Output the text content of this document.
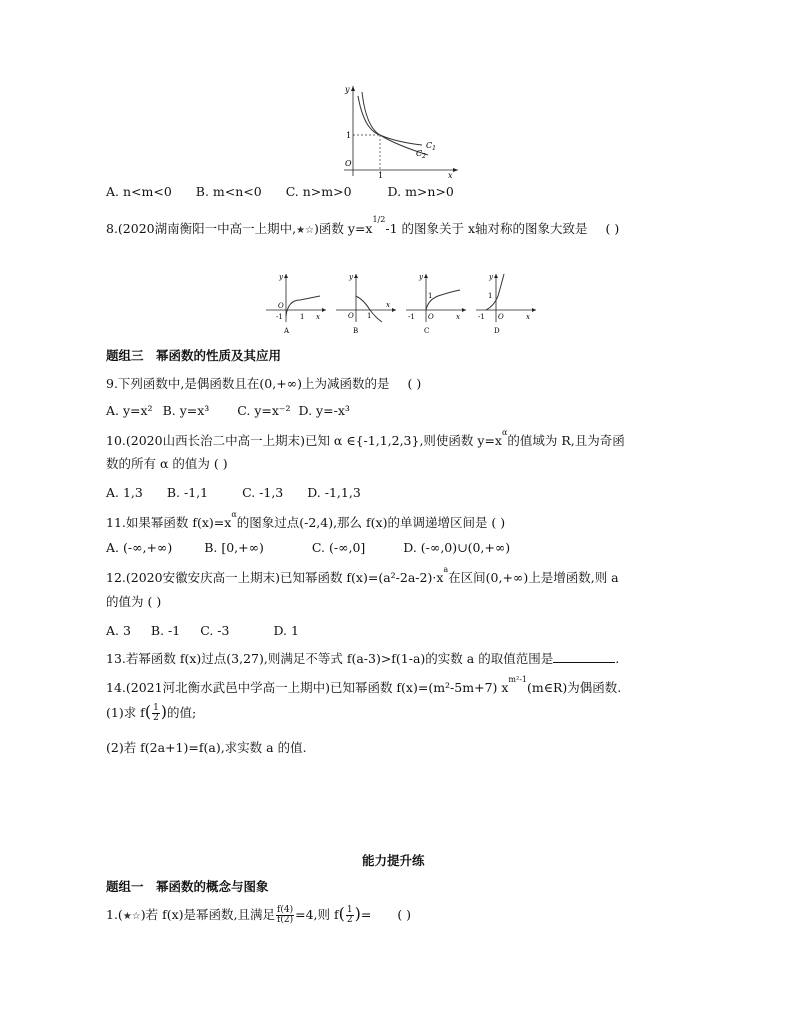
y
x
O
1
1
$C_1$
$C_2$
A. n<m<0 B. m<n<0 C. n>m>0	D. m>n>0
8.(2020湖南衡阳一中高一上期中,★☆)函数 $y=x^{1/2}-1$ 的图象关于 x轴对称的图象大致是 ( )
y
x
O
1
-1
A
y
x
O 1
B
y
x
O
1
-1
C
y
x
O
1
-1
D
题组三　幂函数的性质及其应用
9.下列函数中,是偶函数且在(0,+∞)上为减函数的是 ( )
A. y=x² B. y=x³ C. y=x⁻² D. y=-x³
10.(2020山西长治二中高一上期末)已知 α ∈{-1,1,2,3},则使函数 $y=x^\alpha$的值域为 R,且为奇函
数的所有 α 的值为 ( )
A. 1,3 B. -1,1	C. -1,3 D. -1,1,3
11.如果幂函数 $f(x)=x^\alpha$的图象过点(-2,4),那么 f(x)的单调递增区间是 ( )
A. (-∞,+∞)	B. [0,+∞)	C. (-∞,0]	D. (-∞,0)∪(0,+∞)
12.(2020安徽安庆高一上期末)已知幂函数 $f(x)=(a^2-2a-2)\cdot x^a$在区间(0,+∞)上是增函数,则 a
的值为 ( )
A. 3 B. -1 C. -3	D. 1
13.若幂函数 f(x)过点(3,27),则满足不等式 f(a-3)>f(1-a)的实数 a 的取值范围是	.
14.(2021河北衡水武邑中学高一上期中)已知幂函数 f(x)=(m²-5m+7) $x^{m^2-1}(m\in R)$为偶函数.
(1)求 $f( \frac{1}{2}$ )的值;
(2)若 f(2a+1)=f(a),求实数 a 的值.
能力提升练
题组一　幂函数的概念与图象
1.(★☆)若 f(x)是幂函数,且满足 $\frac{f(4)}{f(2)} =4$,则 $f( \frac{1}{2}$ )= ( )
